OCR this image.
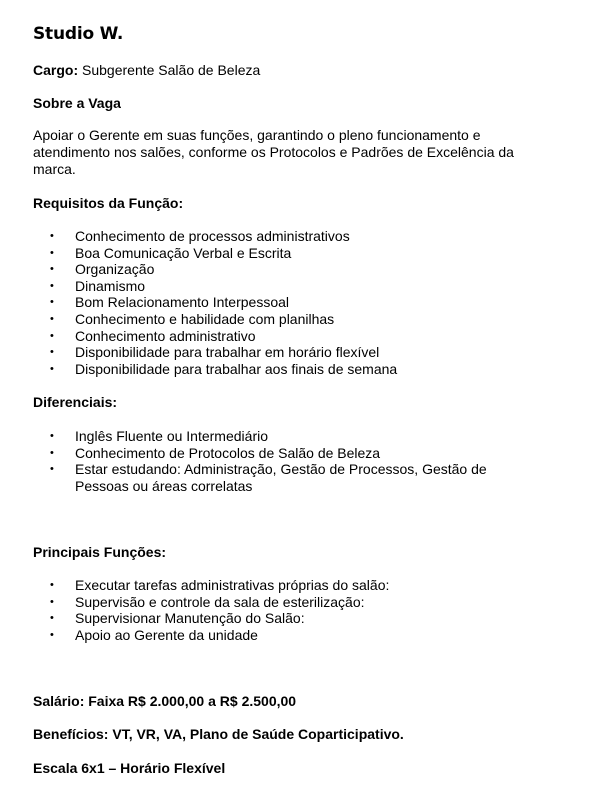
Studio W.
Cargo: Subgerente Salão de Beleza
Sobre a Vaga
Apoiar o Gerente em suas funções, garantindo o pleno funcionamento e atendimento nos salões, conforme os Protocolos e Padrões de Excelência da marca.
Requisitos da Função:
• Conhecimento de processos administrativos
• Boa Comunicação Verbal e Escrita
• Organização
• Dinamismo
• Bom Relacionamento Interpessoal
• Conhecimento e habilidade com planilhas
• Conhecimento administrativo
• Disponibilidade para trabalhar em horário flexível
• Disponibilidade para trabalhar aos finais de semana
Diferenciais:
• Inglês Fluente ou Intermediário
• Conhecimento de Protocolos de Salão de Beleza
• Estar estudando: Administração, Gestão de Processos, Gestão de Pessoas ou áreas correlatas
Principais Funções:
• Executar tarefas administrativas próprias do salão:
• Supervisão e controle da sala de esterilização:
• Supervisionar Manutenção do Salão:
• Apoio ao Gerente da unidade
Salário: Faixa R$ 2.000,00 a R$ 2.500,00
Benefícios: VT, VR, VA, Plano de Saúde Coparticipativo.
Escala 6x1 – Horário Flexível
